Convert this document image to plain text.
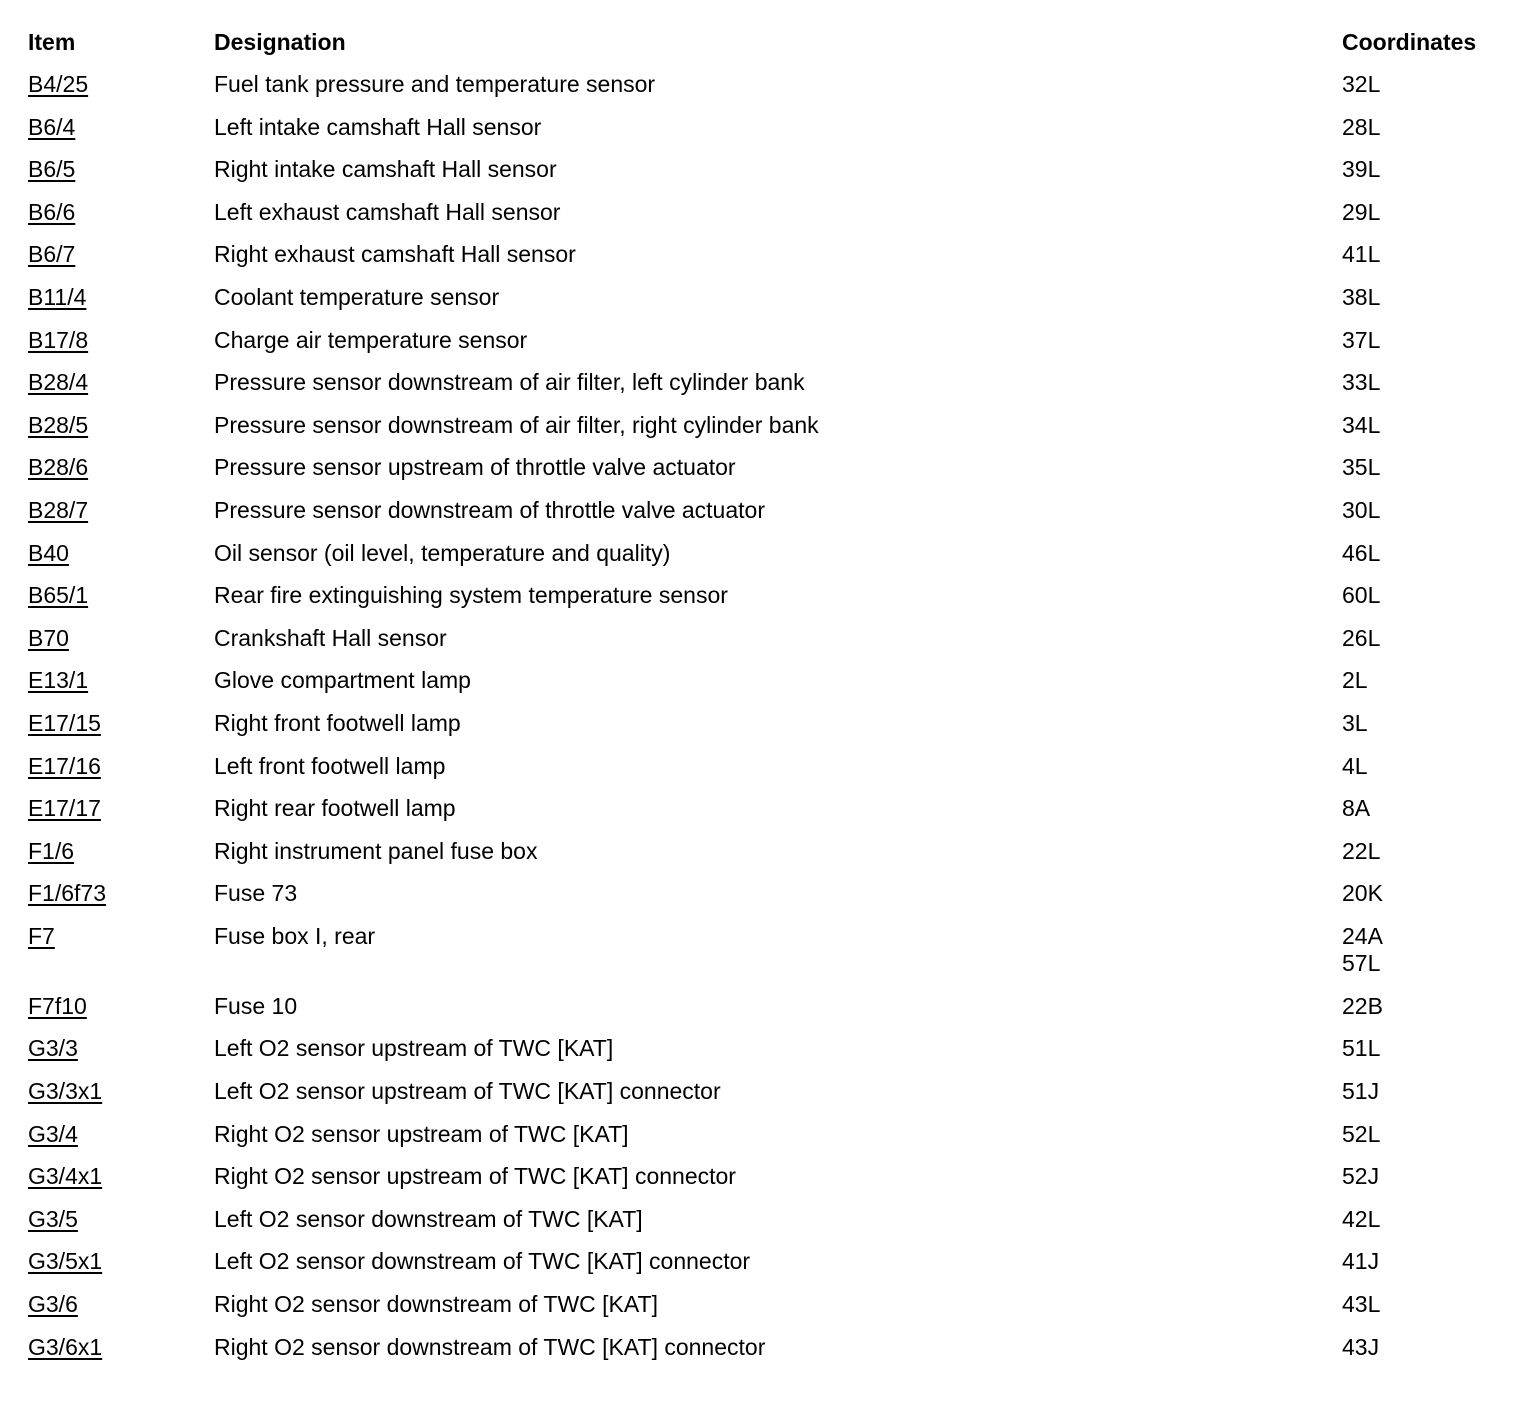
Item	Designation	Coordinates
B4/25	Fuel tank pressure and temperature sensor	32L
B6/4	Left intake camshaft Hall sensor	28L
B6/5	Right intake camshaft Hall sensor	39L
B6/6	Left exhaust camshaft Hall sensor	29L
B6/7	Right exhaust camshaft Hall sensor	41L
B11/4	Coolant temperature sensor	38L
B17/8	Charge air temperature sensor	37L
B28/4	Pressure sensor downstream of air filter, left cylinder bank	33L
B28/5	Pressure sensor downstream of air filter, right cylinder bank	34L
B28/6	Pressure sensor upstream of throttle valve actuator	35L
B28/7	Pressure sensor downstream of throttle valve actuator	30L
B40	Oil sensor (oil level, temperature and quality)	46L
B65/1	Rear fire extinguishing system temperature sensor	60L
B70	Crankshaft Hall sensor	26L
E13/1	Glove compartment lamp	2L
E17/15	Right front footwell lamp	3L
E17/16	Left front footwell lamp	4L
E17/17	Right rear footwell lamp	8A
F1/6	Right instrument panel fuse box	22L
F1/6f73	Fuse 73	20K
F7	Fuse box I, rear	24A
57L
F7f10	Fuse 10	22B
G3/3	Left O2 sensor upstream of TWC [KAT]	51L
G3/3x1	Left O2 sensor upstream of TWC [KAT] connector	51J
G3/4	Right O2 sensor upstream of TWC [KAT]	52L
G3/4x1	Right O2 sensor upstream of TWC [KAT] connector	52J
G3/5	Left O2 sensor downstream of TWC [KAT]	42L
G3/5x1	Left O2 sensor downstream of TWC [KAT] connector	41J
G3/6	Right O2 sensor downstream of TWC [KAT]	43L
G3/6x1	Right O2 sensor downstream of TWC [KAT] connector	43J
